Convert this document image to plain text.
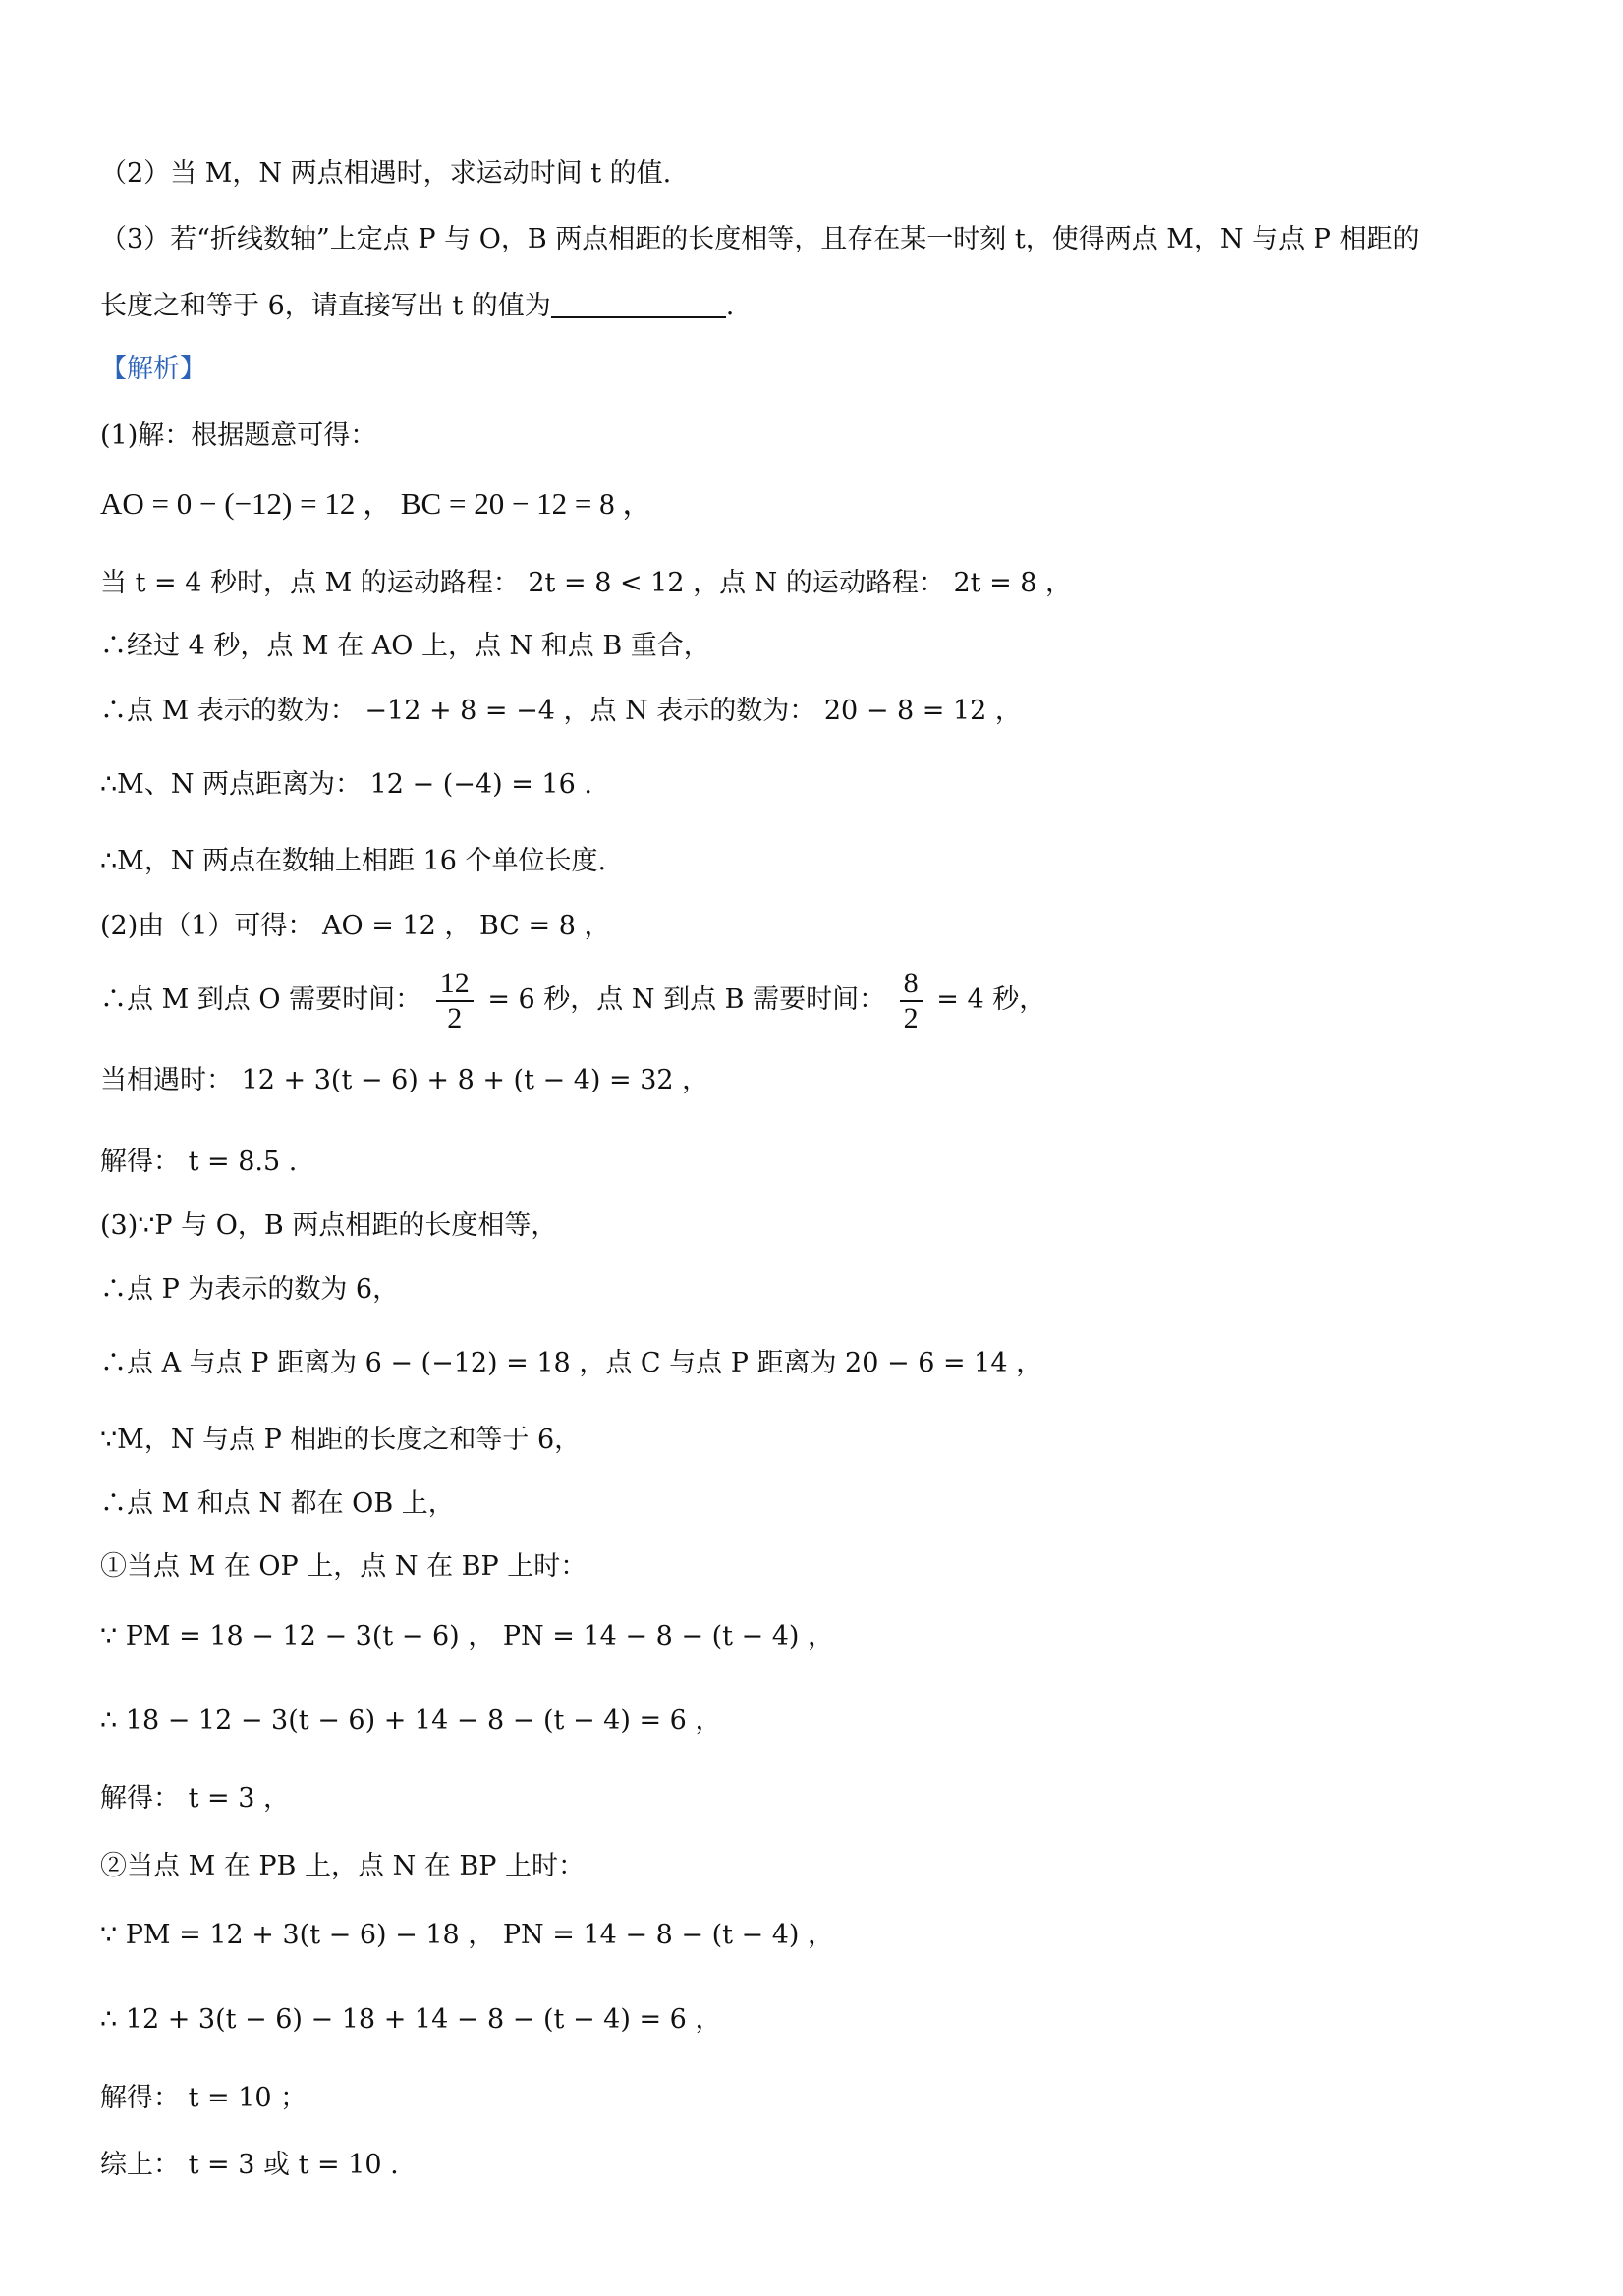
（2）当 M，N 两点相遇时，求运动时间 t 的值.
（3）若“折线数轴”上定点 P 与 O，B 两点相距的长度相等，且存在某一时刻 t，使得两点 M，N 与点 P 相距的
长度之和等于 6，请直接写出 t 的值为	.
【解析】
(1)解：根据题意可得：
AO = 0 − (−12) = 12 ， BC = 20 − 12 = 8 ，
当 t = 4 秒时，点 M 的运动路程： 2t = 8 < 12 ，点 N 的运动路程： 2t = 8 ，
∴经过 4 秒，点 M 在 AO 上，点 N 和点 B 重合，
∴点 M 表示的数为： −12 + 8 = −4 ，点 N 表示的数为： 20 − 8 = 12 ，
∴M、N 两点距离为： 12 − (−4) = 16 .
∴M，N 两点在数轴上相距 16 个单位长度.
(2)由（1）可得： AO = 12 ， BC = 8 ，
∴点 M 到点 O 需要时间： $\frac{12}{2} = 6$ 秒，点 N 到点 B 需要时间： $\frac{8}{2} = 4$ 秒，
当相遇时： 12 + 3(t − 6) + 8 + (t − 4) = 32 ，
解得： t = 8.5 .
(3)∵P 与 O，B 两点相距的长度相等，
∴点 P 为表示的数为 6，
∴点 A 与点 P 距离为 6 − (−12) = 18 ，点 C 与点 P 距离为 20 − 6 = 14 ，
∵M，N 与点 P 相距的长度之和等于 6，
∴点 M 和点 N 都在 OB 上，
①当点 M 在 OP 上，点 N 在 BP 上时：
∵ PM = 18 − 12 − 3(t − 6) ， PN = 14 − 8 − (t − 4) ，
∴ 18 − 12 − 3(t − 6) + 14 − 8 − (t − 4) = 6 ，
解得： t = 3 ，
②当点 M 在 PB 上，点 N 在 BP 上时：
∵ PM = 12 + 3(t − 6) − 18 ， PN = 14 − 8 − (t − 4) ，
∴ 12 + 3(t − 6) − 18 + 14 − 8 − (t − 4) = 6 ，
解得： t = 10 ；
综上： t = 3 或 t = 10 .
